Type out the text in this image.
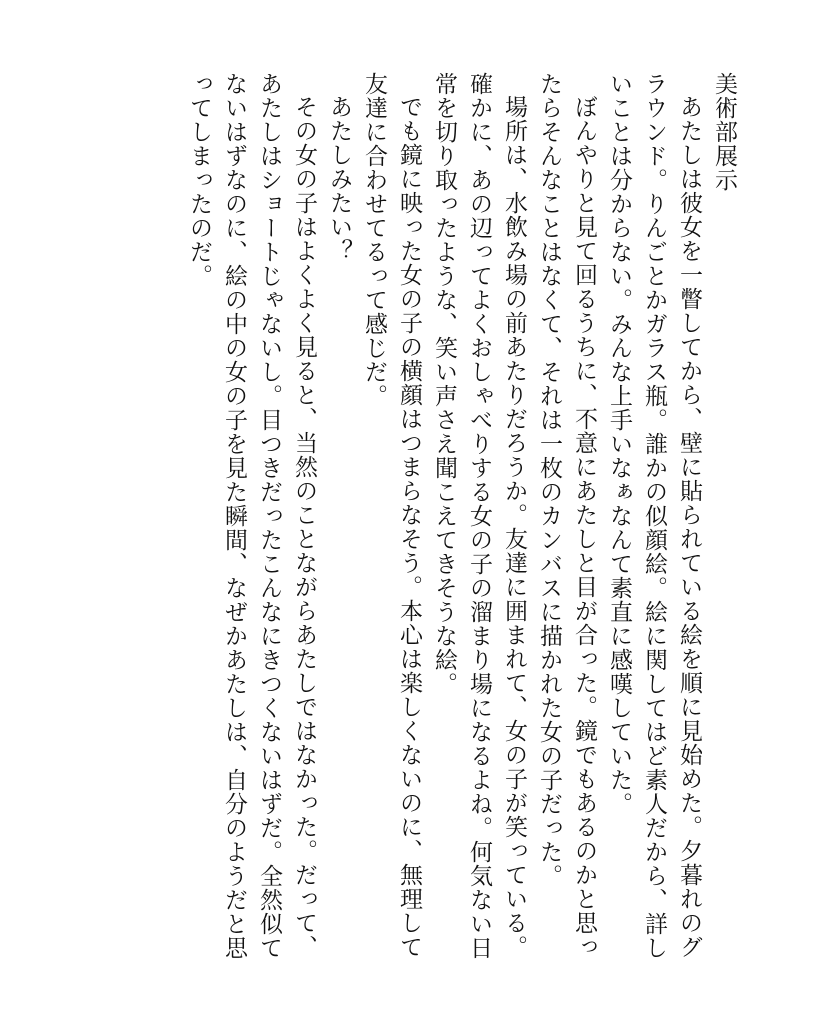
美術部展示

あたしは彼女を一瞥してから、壁に貼られている絵を順に見始めた。夕暮れのグラウンド。りんごとかガラス瓶。誰かの似顔絵。絵に関してはど素人だから、詳しいことは分からない。みんな上手いなぁなんて素直に感嘆していた。

ぼんやりと見て回るうちに、不意にあたしと目が合った。鏡でもあるのかと思ったらそんなことはなくて、それは一枚のカンバスに描かれた女の子だった。

場所は、水飲み場の前あたりだろうか。友達に囲まれて、女の子が笑っている。確かに、あの辺ってよくおしゃべりする女の子の溜まり場になるよね。何気ない日常を切り取ったような、笑い声さえ聞こえてきそうな絵。

でも鏡に映った女の子の横顔はつまらなそう。本心は楽しくないのに、無理して友達に合わせてるって感じだ。

あたしみたい？

その女の子はよくよく見ると、当然のことながらあたしではなかった。だって、あたしはショートじゃないし。目つきだったこんなにきつくないはずだ。全然似てないはずなのに、絵の中の女の子を見た瞬間、なぜかあたしは、自分のようだと思ってしまったのだ。
